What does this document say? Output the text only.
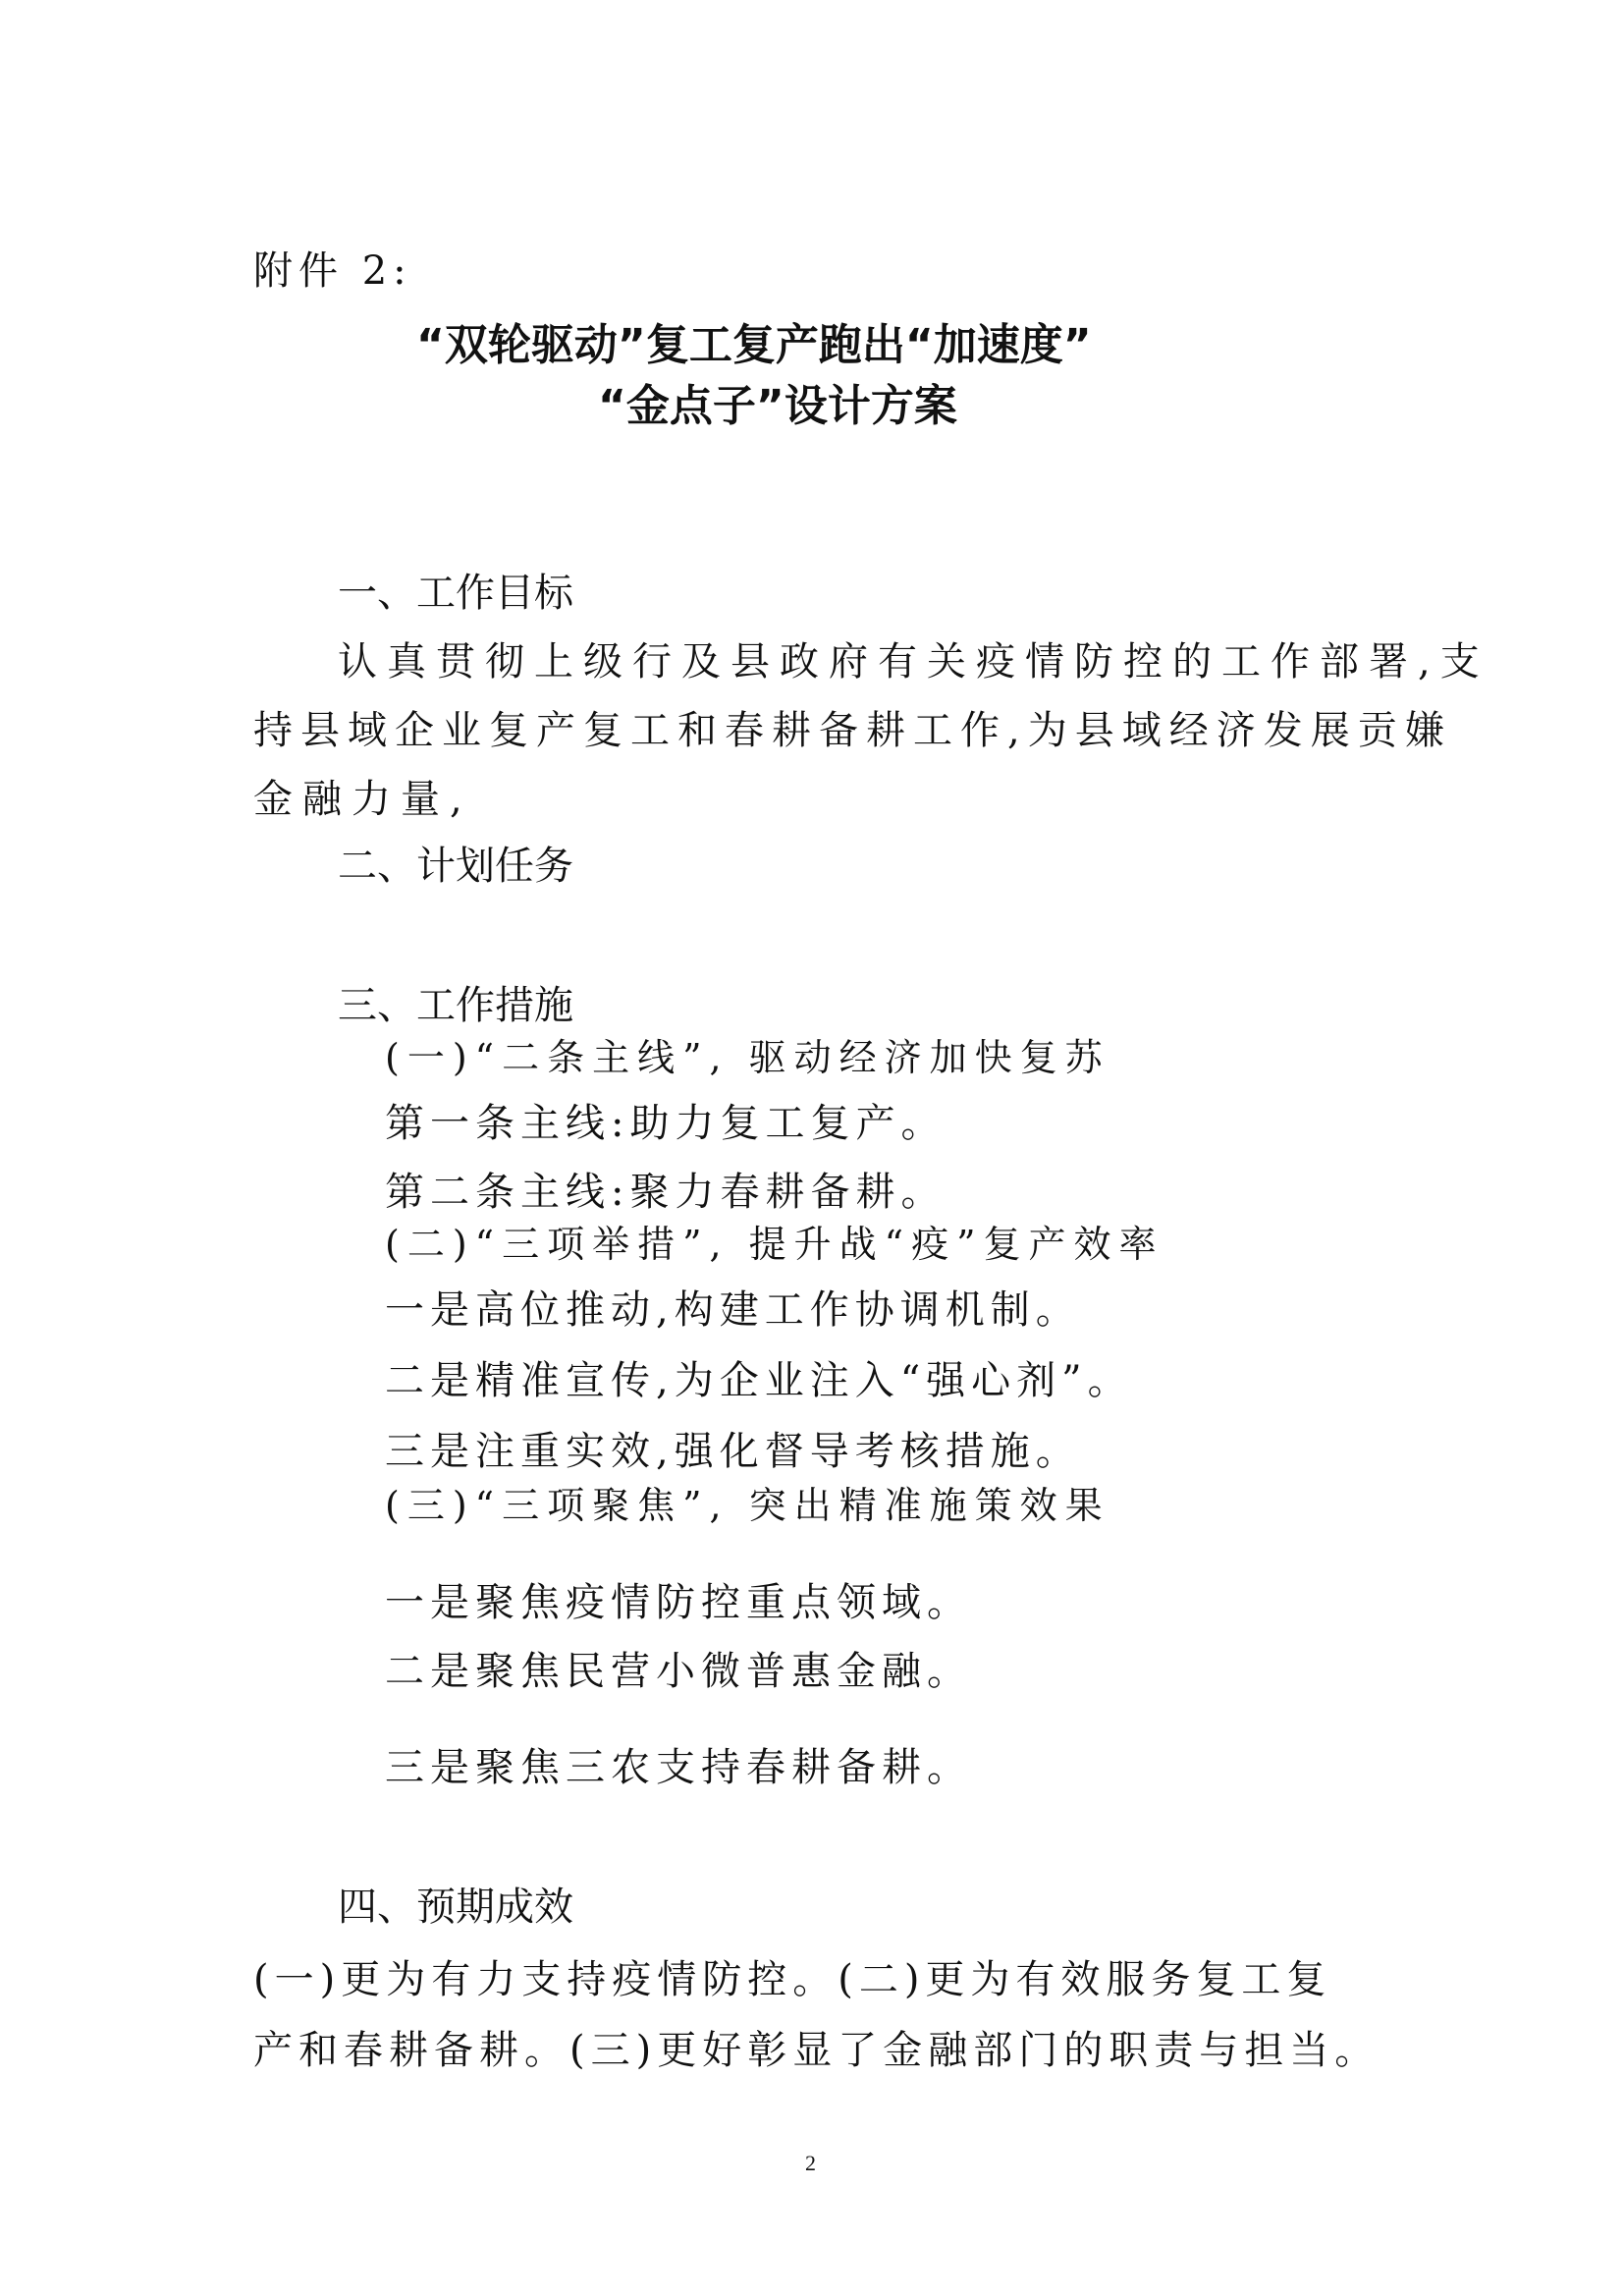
附件 2:
“双轮驱动”复工复产跑出“加速度”
“金点子”设计方案
一、工作目标
认真贯彻上级行及县政府有关疫情防控的工作部署,支
持县域企业复产复工和春耕备耕工作,为县域经济发展贡嫌
金融力量,
二、计划任务
三、工作措施
(一)“二条主线”, 驱动经济加快复苏
第一条主线:助力复工复产。
第二条主线:聚力春耕备耕。
(二)“三项举措”, 提升战“疫”复产效率
一是高位推动,构建工作协调机制。
二是精准宣传,为企业注入“强心剂”。
三是注重实效,强化督导考核措施。
(三)“三项聚焦”, 突出精准施策效果
一是聚焦疫情防控重点领域。
二是聚焦民营小微普惠金融。
三是聚焦三农支持春耕备耕。
四、预期成效
(一)更为有力支持疫情防控。(二)更为有效服务复工复
产和春耕备耕。(三)更好彰显了金融部门的职责与担当。
2
